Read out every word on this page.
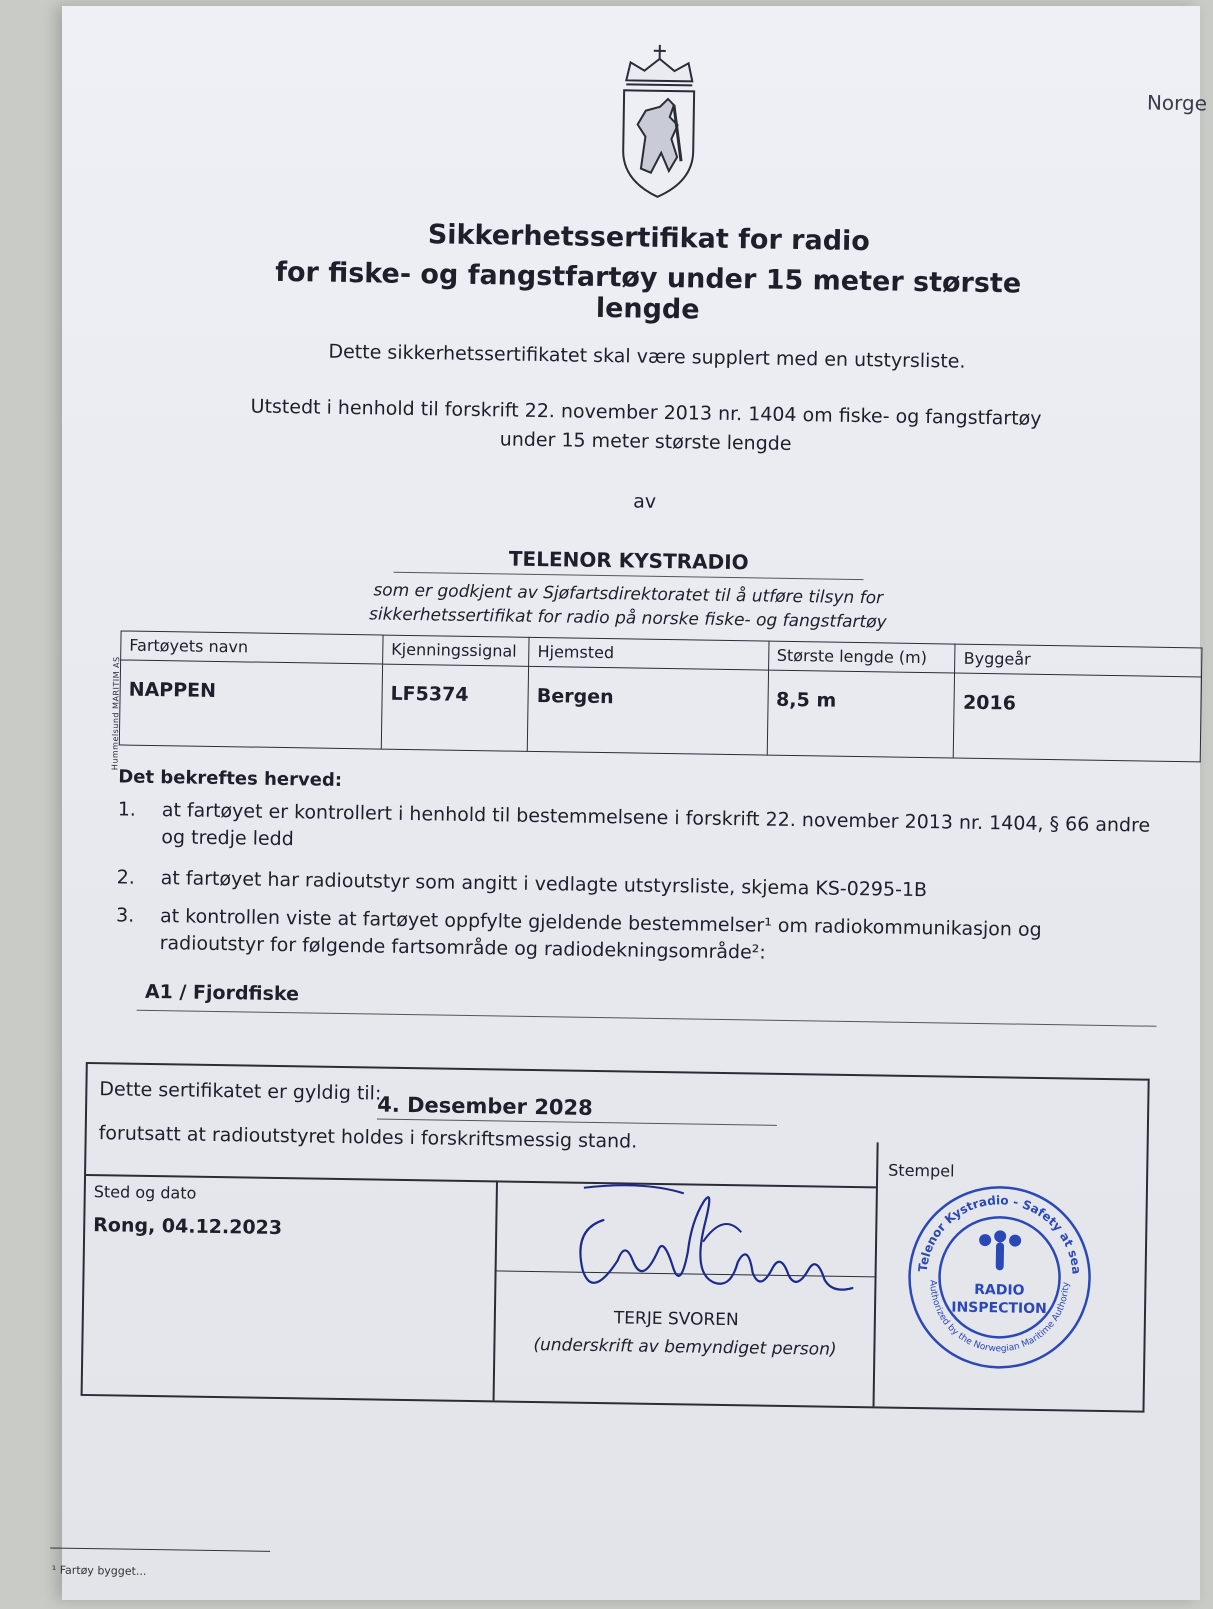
Norge
Sikkerhetssertifikat for radio
for fiske- og fangstfartøy under 15 meter største lengde
Dette sikkerhetssertifikatet skal være supplert med en utstyrsliste.
Utstedt i henhold til forskrift 22. november 2013 nr. 1404 om fiske- og fangstfartøy
under 15 meter største lengde
av
TELENOR KYSTRADIO
som er godkjent av Sjøfartsdirektoratet til å utføre tilsyn for
sikkerhetssertifikat for radio på norske fiske- og fangstfartøy
Hummelsund MARITIM AS
Fartøyets navn	Kjenningssignal	Hjemsted	Største lengde (m)	Byggeår
NAPPEN	LF5374	Bergen	8,5 m	2016
Det bekreftes herved:
1.	at fartøyet er kontrollert i henhold til bestemmelsene i forskrift 22. november 2013 nr. 1404, § 66 andre og tredje ledd
2.	at fartøyet har radioutstyr som angitt i vedlagte utstyrsliste, skjema KS-0295-1B
3.	at kontrollen viste at fartøyet oppfylte gjeldende bestemmelser¹ om radiokommunikasjon og radioutstyr for følgende fartsområde og radiodekningsområde²:
A1 / Fjordfiske
Dette sertifikatet er gyldig til:
4. Desember 2028
forutsatt at radioutstyret holdes i forskriftsmessig stand.
Stempel
Sted og dato
Rong, 04.12.2023
TERJE SVOREN
(underskrift av bemyndiget person)
Telenor Kystradio - Safety at sea
Authorized by the Norwegian Maritime Authority
RADIO
INSPECTION
¹ Fartøy bygget...
